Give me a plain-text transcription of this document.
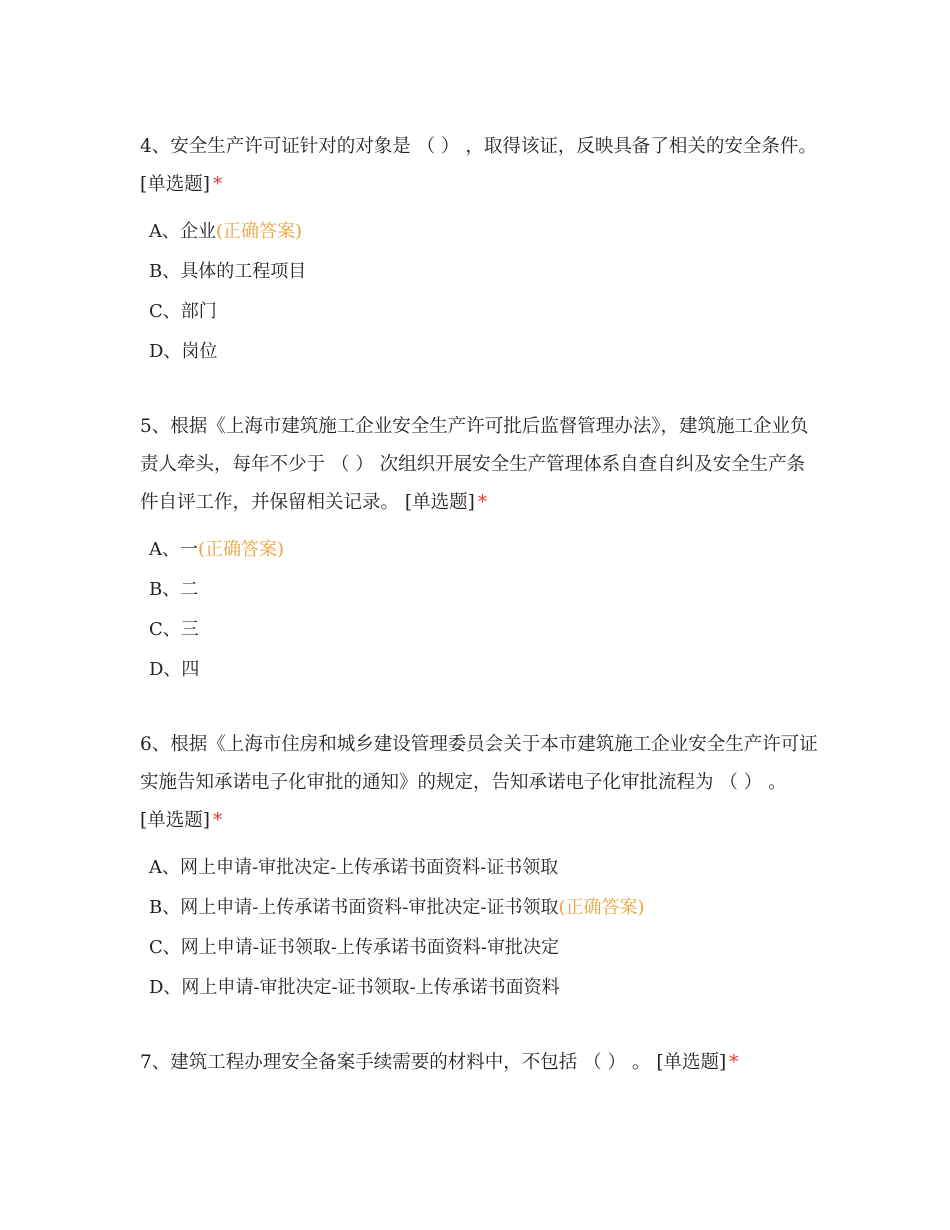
4、安全生产许可证针对的对象是 （ ） ，取得该证，反映具备了相关的安全条件。 [单选题] *

A、企业(正确答案)
B、具体的工程项目
C、部门
D、岗位

5、根据《上海市建筑施工企业安全生产许可批后监督管理办法》，建筑施工企业负责人牵头，每年不少于 （ ） 次组织开展安全生产管理体系自查自纠及安全生产条件自评工作，并保留相关记录。 [单选题] *

A、一(正确答案)
B、二
C、三
D、四

6、根据《上海市住房和城乡建设管理委员会关于本市建筑施工企业安全生产许可证实施告知承诺电子化审批的通知》的规定，告知承诺电子化审批流程为 （ ） 。 [单选题] *

A、网上申请-审批决定-上传承诺书面资料-证书领取
B、网上申请-上传承诺书面资料-审批决定-证书领取(正确答案)
C、网上申请-证书领取-上传承诺书面资料-审批决定
D、网上申请-审批决定-证书领取-上传承诺书面资料

7、建筑工程办理安全备案手续需要的材料中，不包括 （ ） 。 [单选题] *
